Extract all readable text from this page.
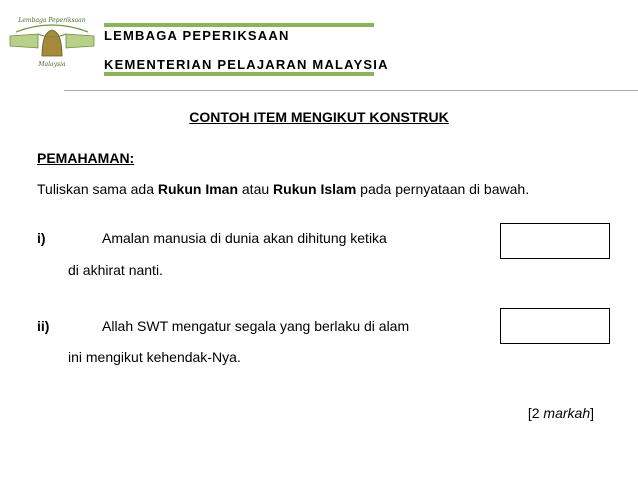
Lembaga Peperiksaan
Malaysia
LEMBAGA PEPERIKSAAN
KEMENTERIAN PELAJARAN MALAYSIA
CONTOH ITEM MENGIKUT KONSTRUK
PEMAHAMAN:
Tuliskan sama ada Rukun Iman atau Rukun Islam pada pernyataan di bawah.
i)	Amalan manusia di dunia akan dihitung ketika
di akhirat nanti.
ii)	Allah SWT mengatur segala yang berlaku di alam
ini mengikut kehendak-Nya.
[2 markah]
